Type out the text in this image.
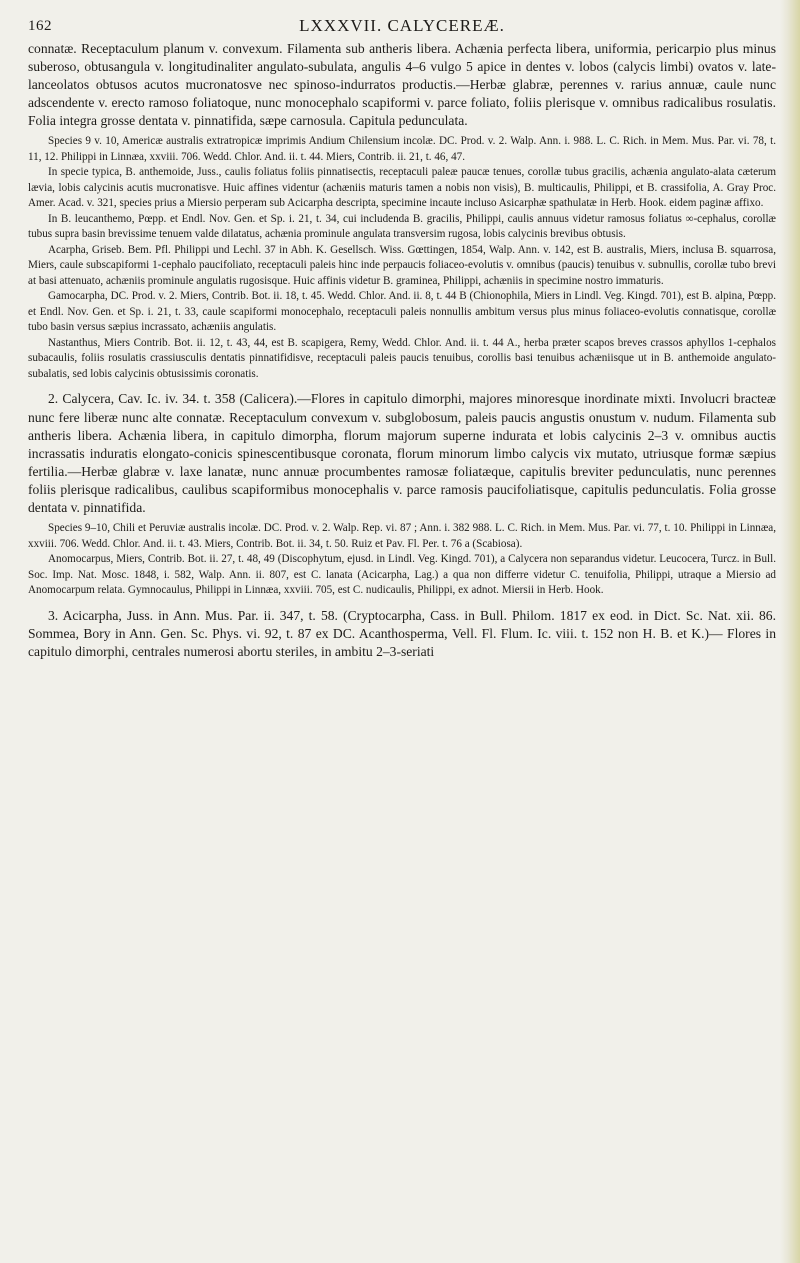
162	LXXXVII. CALYCEREÆ.

connatæ. Receptaculum planum v. convexum. Filamenta sub antheris libera. Achænia perfecta libera, uniformia, pericarpio plus minus suberoso, obtusangula v. longitudinaliter angulato-subulata, angulis 4–6 vulgo 5 apice in dentes v. lobos (calycis limbi) ovatos v. late-lanceolatos obtusos acutos mucronatosve nec spinoso-indurratos productis.—Herbæ glabræ, perennes v. rarius annuæ, caule nunc adscendente v. erecto ramoso foliatoque, nunc monocephalo scapiformi v. parce foliato, foliis plerisque v. omnibus radicalibus rosulatis. Folia integra grosse dentata v. pinnatifida, sæpe carnosula. Capitula pedunculata.

Species 9 v. 10, Americæ australis extratropicæ imprimis Andium Chilensium incolæ. DC. Prod. v. 2. Walp. Ann. i. 988. L. C. Rich. in Mem. Mus. Par. vi. 78, t. 11, 12. Philippi in Linnæa, xxviii. 706. Wedd. Chlor. And. ii. t. 44. Miers, Contrib. ii. 21, t. 46, 47.

In specie typica, B. anthemoide, Juss., caulis foliatus foliis pinnatisectis, receptaculi paleæ paucæ tenues, corollæ tubus gracilis, achænia angulato-alata cæterum lævia, lobis calycinis acutis mucronatisve. Huic affines videntur (achæniis maturis tamen a nobis non visis), B. multicaulis, Philippi, et B. crassifolia, A. Gray Proc. Amer. Acad. v. 321, species prius a Miersio perperam sub Acicarpha descripta, specimine incaute incluso Asicarphæ spathulatæ in Herb. Hook. eidem paginæ affixo.

In B. leucanthemo, Pœpp. et Endl. Nov. Gen. et Sp. i. 21, t. 34, cui includenda B. gracilis, Philippi, caulis annuus videtur ramosus foliatus ∞-cephalus, corollæ tubus supra basin brevissime tenuem valde dilatatus, achænia prominule angulata transversim rugosa, lobis calycinis brevibus obtusis.

Acarpha, Griseb. Bem. Pfl. Philippi und Lechl. 37 in Abh. K. Gesellsch. Wiss. Gœttingen, 1854, Walp. Ann. v. 142, est B. australis, Miers, inclusa B. squarrosa, Miers, caule subscapiformi 1-cephalo paucifoliato, receptaculi paleis hinc inde perpaucis foliaceo-evolutis v. omnibus (paucis) tenuibus v. subnullis, corollæ tubo brevi at basi attenuato, achæniis prominule angulatis rugosisque. Huic affinis videtur B. graminea, Philippi, achæniis in specimine nostro immaturis.

Gamocarpha, DC. Prod. v. 2. Miers, Contrib. Bot. ii. 18, t. 45. Wedd. Chlor. And. ii. 8, t. 44 B (Chionophila, Miers in Lindl. Veg. Kingd. 701), est B. alpina, Pœpp. et Endl. Nov. Gen. et Sp. i. 21, t. 33, caule scapiformi monocephalo, receptaculi paleis nonnullis ambitum versus plus minus foliaceo-evolutis connatisque, corollæ tubo basin versus sæpius incrassato, achæniis angulatis.

Nastanthus, Miers Contrib. Bot. ii. 12, t. 43, 44, est B. scapigera, Remy, Wedd. Chlor. And. ii. t. 44 A., herba præter scapos breves crassos aphyllos 1-cephalos subacaulis, foliis rosulatis crassiusculis dentatis pinnatifidisve, receptaculi paleis paucis tenuibus, corollis basi tenuibus achæniisque ut in B. anthemoide angulato-subalatis, sed lobis calycinis obtusissimis coronatis.

2. Calycera, Cav. Ic. iv. 34. t. 358 (Calicera).—Flores in capitulo dimorphi, majores minoresque inordinate mixti. Involucri bracteæ nunc fere liberæ nunc alte connatæ. Receptaculum convexum v. subglobosum, paleis paucis angustis onustum v. nudum. Filamenta sub antheris libera. Achænia libera, in capitulo dimorpha, florum majorum superne indurata et lobis calycinis 2–3 v. omnibus auctis incrassatis induratis elongato-conicis spinescentibusque coronata, florum minorum limbo calycis vix mutato, utriusque formæ sæpius fertilia.—Herbæ glabræ v. laxe lanatæ, nunc annuæ procumbentes ramosæ foliatæque, capitulis breviter pedunculatis, nunc perennes foliis plerisque radicalibus, caulibus scapiformibus monocephalis v. parce ramosis paucifoliatisque, capitulis pedunculatis. Folia grosse dentata v. pinnatifida.

Species 9–10, Chili et Peruviæ australis incolæ. DC. Prod. v. 2. Walp. Rep. vi. 87 ; Ann. i. 382 988. L. C. Rich. in Mem. Mus. Par. vi. 77, t. 10. Philippi in Linnæa, xxviii. 706. Wedd. Chlor. And. ii. t. 43. Miers, Contrib. Bot. ii. 34, t. 50. Ruiz et Pav. Fl. Per. t. 76 a (Scabiosa).

Anomocarpus, Miers, Contrib. Bot. ii. 27, t. 48, 49 (Discophytum, ejusd. in Lindl. Veg. Kingd. 701), a Calycera non separandus videtur. Leucocera, Turcz. in Bull. Soc. Imp. Nat. Mosc. 1848, i. 582, Walp. Ann. ii. 807, est C. lanata (Acicarpha, Lag.) a qua non differre videtur C. tenuifolia, Philippi, utraque a Miersio ad Anomocarpum relata. Gymnocaulus, Philippi in Linnæa, xxviii. 705, est C. nudicaulis, Philippi, ex adnot. Miersii in Herb. Hook.

3. Acicarpha, Juss. in Ann. Mus. Par. ii. 347, t. 58. (Cryptocarpha, Cass. in Bull. Philom. 1817 ex eod. in Dict. Sc. Nat. xii. 86. Sommea, Bory in Ann. Gen. Sc. Phys. vi. 92, t. 87 ex DC. Acanthospermа, Vell. Fl. Flum. Ic. viii. t. 152 non H. B. et K.)— Flores in capitulo dimorphi, centrales numerosi abortu steriles, in ambitu 2–3-seriati
